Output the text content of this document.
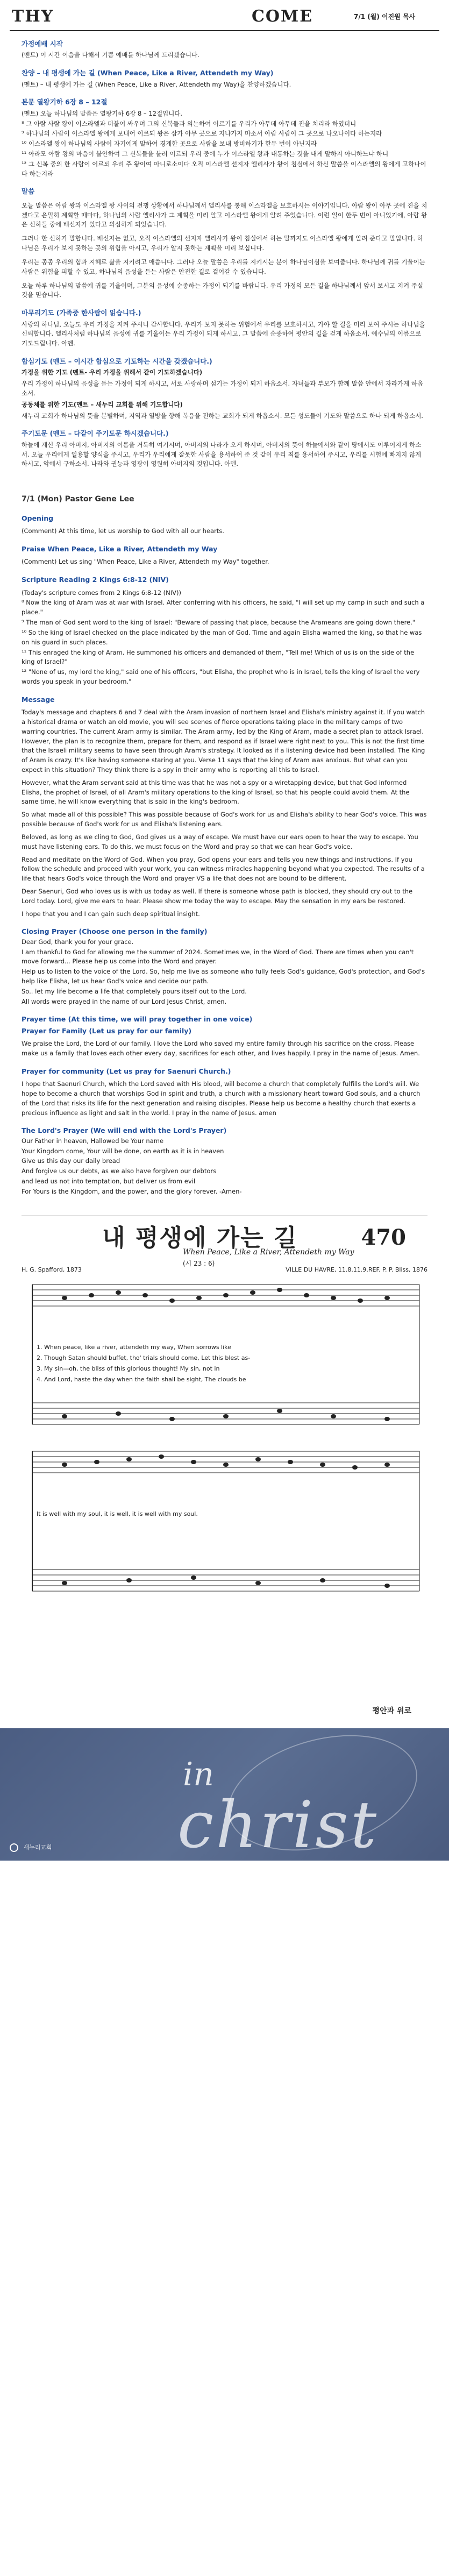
THY	COME	7/1 (월) 이진원 목사
가정예배 시작
(멘트) 이 시간 이음을 다해서 기쁨 예배를 하나님께 드리겠습니다.
찬양 – 내 평생에 가는 길 (When Peace, Like a River, Attendeth my Way)
(멘트) – 내 평생에 가는 길 (When Peace, Like a River, Attendeth my Way)을 찬양하겠습니다.
본문 열왕기하 6장 8 – 12절
(멘트) 오늘 하나님의 말씀은 열왕기하 6장 8 – 12절입니다.
⁸ 그 아람 사람 왕이 이스라엘과 더불어 싸우며 그의 신복들과 의논하여 이르기를 우리가 아무데 아무데 진을 치리라 하였더니
⁹ 하나님의 사람이 이스라엘 왕에게 보내어 이르되 왕은 삼가 아무 곳으로 지나가지 마소서 아람 사람이 그 곳으로 나오나이다 하는지라
¹⁰ 이스라엘 왕이 하나님의 사람이 자기에게 말하여 경계한 곳으로 사람을 보내 방비하기가 한두 번이 아닌지라
¹¹ 아라모 아람 왕의 마음이 불안하여 그 신복들을 불러 이르되 우리 중에 누가 이스라엘 왕과 내통하는 것을 내게 말하지 아니하느냐 하니
¹² 그 신복 중의 한 사람이 이르되 우리 주 왕이여 아니로소이다 오직 이스라엘 선지자 엘리사가 왕이 침실에서 하신 말씀을 이스라엘의 왕에게 고하나이다 하는지라
말씀
오늘 말씀은 아람 왕과 이스라엘 왕 사이의 전쟁 상황에서 하나님께서 엘리사를 통해 이스라엘을 보호하시는 이야기입니다. 아람 왕이 아무 곳에 진을 치겠다고 은밀히 계획할 때마다, 하나님의 사람 엘리사가 그 계획을 미리 알고 이스라엘 왕에게 알려 주었습니다. 이런 일이 한두 번이 아니었기에, 아람 왕은 신하들 중에 배신자가 있다고 의심하게 되었습니다.
그러나 한 신하가 말합니다. 배신자는 없고, 오직 이스라엘의 선지자 엘리사가 왕이 침실에서 하는 말까지도 이스라엘 왕에게 알려 준다고 말입니다. 하나님은 우리가 보지 못하는 곳의 위험을 아시고, 우리가 알지 못하는 계획을 미리 보십니다.
우리는 종종 우리의 힘과 지혜로 삶을 지키려고 애씁니다. 그러나 오늘 말씀은 우리를 지키시는 분이 하나님이심을 보여줍니다. 하나님께 귀를 기울이는 사람은 위험을 피할 수 있고, 하나님의 음성을 듣는 사람은 안전한 길로 걸어갈 수 있습니다.
오늘 하루 하나님의 말씀에 귀를 기울이며, 그분의 음성에 순종하는 가정이 되기를 바랍니다. 우리 가정의 모든 길을 하나님께서 앞서 보시고 지켜 주실 것을 믿습니다.
마무리기도 (가족중 한사람이 읽습니다.)
사랑의 하나님, 오늘도 우리 가정을 지켜 주시니 감사합니다. 우리가 보지 못하는 위험에서 우리를 보호하시고, 가야 할 길을 미리 보여 주시는 하나님을 신뢰합니다. 엘리사처럼 하나님의 음성에 귀를 기울이는 우리 가정이 되게 하시고, 그 말씀에 순종하여 평안의 길을 걷게 하옵소서. 예수님의 이름으로 기도드립니다. 아멘.
합심기도 (멘트 – 이시간 합심으로 기도하는 시간을 갖겠습니다.)
가정을 위한 기도 (멘트- 우리 가정을 위해서 같이 기도하겠습니다)
우리 가정이 하나님의 음성을 듣는 가정이 되게 하시고, 서로 사랑하며 섬기는 가정이 되게 하옵소서. 자녀들과 부모가 함께 말씀 안에서 자라가게 하옵소서.
공동체를 위한 기도(멘트 – 새누리 교회를 위해 기도합니다)
새누리 교회가 하나님의 뜻을 분별하며, 지역과 열방을 향해 복음을 전하는 교회가 되게 하옵소서. 모든 성도들이 기도와 말씀으로 하나 되게 하옵소서.
주기도문 (멘트 – 다같이 주기도문 하시겠습니다.)
하늘에 계신 우리 아버지, 아버지의 이름을 거룩히 여기시며, 아버지의 나라가 오게 하시며, 아버지의 뜻이 하늘에서와 같이 땅에서도 이루어지게 하소서. 오늘 우리에게 일용할 양식을 주시고, 우리가 우리에게 잘못한 사람을 용서하여 준 것 같이 우리 죄를 용서하여 주시고, 우리를 시험에 빠지지 않게 하시고, 악에서 구하소서. 나라와 권능과 영광이 영원히 아버지의 것입니다. 아멘.
7/1 (Mon) Pastor Gene Lee
Opening
(Comment) At this time, let us worship to God with all our hearts.
Praise When Peace, Like a River, Attendeth my Way
(Comment) Let us sing "When Peace, Like a River, Attendeth my Way" together.
Scripture Reading 2 Kings 6:8-12 (NIV)
(Today's scripture comes from 2 Kings 6:8-12 (NIV))
⁸ Now the king of Aram was at war with Israel. After conferring with his officers, he said, "I will set up my camp in such and such a place."
⁹ The man of God sent word to the king of Israel: "Beware of passing that place, because the Arameans are going down there."
¹⁰ So the king of Israel checked on the place indicated by the man of God. Time and again Elisha warned the king, so that he was on his guard in such places.
¹¹ This enraged the king of Aram. He summoned his officers and demanded of them, "Tell me! Which of us is on the side of the king of Israel?"
¹² "None of us, my lord the king," said one of his officers, "but Elisha, the prophet who is in Israel, tells the king of Israel the very words you speak in your bedroom."
Message
Today's message and chapters 6 and 7 deal with the Aram invasion of northern Israel and Elisha's ministry against it. If you watch a historical drama or watch an old movie, you will see scenes of fierce operations taking place in the military camps of two warring countries. The current Aram army is similar. The Aram army, led by the King of Aram, made a secret plan to attack Israel. However, the plan is to recognize them, prepare for them, and respond as if Israel were right next to you. This is not the first time that the Israeli military seems to have seen through Aram's strategy. It looked as if a listening device had been installed. The King of Aram is crazy. It's like having someone staring at you. Verse 11 says that the king of Aram was anxious. But what can you expect in this situation? They think there is a spy in their army who is reporting all this to Israel.
However, what the Aram servant said at this time was that he was not a spy or a wiretapping device, but that God informed Elisha, the prophet of Israel, of all Aram's military operations to the king of Israel, so that his people could avoid them. At the same time, he will know everything that is said in the king's bedroom.
So what made all of this possible? This was possible because of God's work for us and Elisha's ability to hear God's voice. This was possible because of God's work for us and Elisha's listening ears.
Beloved, as long as we cling to God, God gives us a way of escape. We must have our ears open to hear the way to escape. You must have listening ears. To do this, we must focus on the Word and pray so that we can hear God's voice.
Read and meditate on the Word of God. When you pray, God opens your ears and tells you new things and instructions. If you follow the schedule and proceed with your work, you can witness miracles happening beyond what you expected. The results of a life that hears God's voice through the Word and prayer VS a life that does not are bound to be different.
Dear Saenuri, God who loves us is with us today as well. If there is someone whose path is blocked, they should cry out to the Lord today. Lord, give me ears to hear. Please show me today the way to escape. May the sensation in my ears be restored.
I hope that you and I can gain such deep spiritual insight.
Closing Prayer (Choose one person in the family)
Dear God, thank you for your grace.
I am thankful to God for allowing me the summer of 2024. Sometimes we, in the Word of God. There are times when you can't move forward... Please help us come into the Word and prayer.
Help us to listen to the voice of the Lord. So, help me live as someone who fully feels God's guidance, God's protection, and God's help like Elisha, let us hear God's voice and decide our path.
So.. let my life become a life that completely pours itself out to the Lord.
All words were prayed in the name of our Lord Jesus Christ, amen.
Prayer time (At this time, we will pray together in one voice)
Prayer for Family (Let us pray for our family)
We praise the Lord, the Lord of our family. I love the Lord who saved my entire family through his sacrifice on the cross. Please make us a family that loves each other every day, sacrifices for each other, and lives happily. I pray in the name of Jesus. Amen.
Prayer for community (Let us pray for Saenuri Church.)
I hope that Saenuri Church, which the Lord saved with His blood, will become a church that completely fulfills the Lord's will. We hope to become a church that worships God in spirit and truth, a church with a missionary heart toward God souls, and a church of the Lord that risks its life for the next generation and raising disciples. Please help us become a healthy church that exerts a precious influence as light and salt in the world. I pray in the name of Jesus. amen
The Lord's Prayer (We will end with the Lord's Prayer)
Our Father in heaven, Hallowed be Your name
Your Kingdom come, Your will be done, on earth as it is in heaven
Give us this day our daily bread
And forgive us our debts, as we also have forgiven our debtors
and lead us not into temptation, but deliver us from evil
For Yours is the Kingdom, and the power, and the glory forever. -Amen-
내 평생에 가는 길	470
When Peace, Like a River, Attendeth my Way
(시 23 : 6)
H. G. Spafford, 1873	VILLE DU HAVRE, 11.8.11.9.REF. P. P. Bliss, 1876
1. When peace, like a river, attendeth my way, When sorrows like
2. Though Satan should buffet, tho' trials should come, Let this blest as-
3. My sin—oh, the bliss of this glorious thought! My sin, not in
4. And Lord, haste the day when the faith shall be sight, The clouds be
It is well with my soul, it is well, it is well with my soul.
평안과 위로
in
christ
새누리교회
